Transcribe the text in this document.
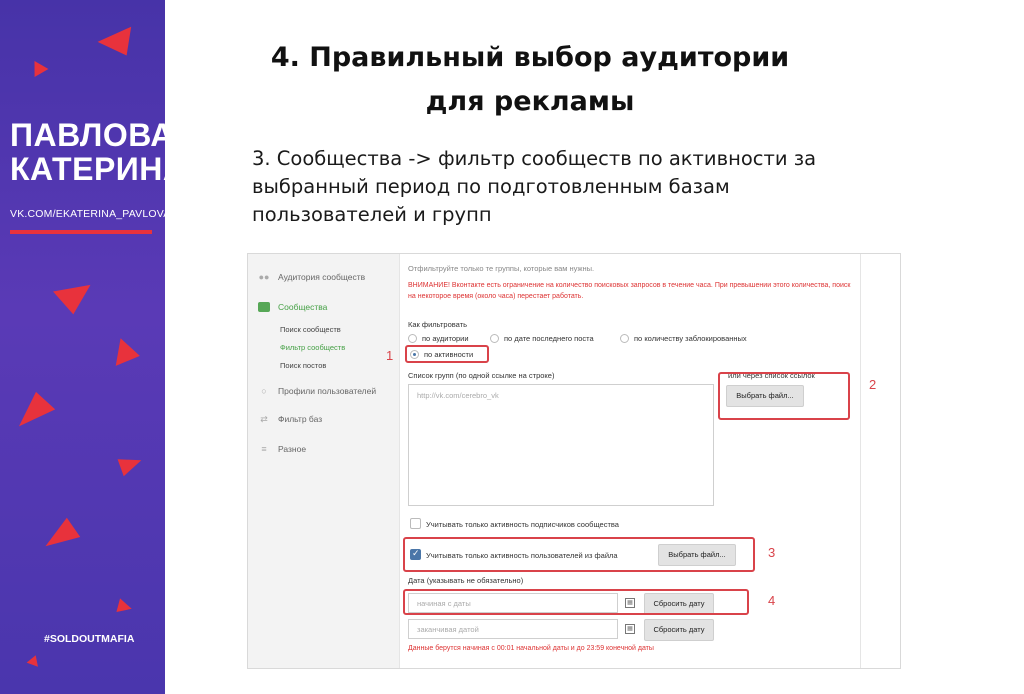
ПАВЛОВА
КАТЕРИНА
VK.COM/EKATERINA_PAVLOVA
#SOLDOUTMAFIA
4. Правильный выбор аудитории
для рекламы
3. Сообщества -> фильтр сообществ по активности за
выбранный период по подготовленным базам
пользователей и групп
●● Аудитория сообществ
Сообщества
Поиск сообществ
Фильтр сообществ
Поиск постов
○	Профили пользователей
⇄ Фильтр баз
≡	Разное
Отфильтруйте только те группы, которые вам нужны.
ВНИМАНИЕ! Вконтакте есть ограничение на количество поисковых запросов в течение часа. При превышении этого количества, поиск на некоторое время (около часа) перестает работать.
Как фильтровать
по аудитории	по дате последнего поста	по количеству заблокированных
по активности
Список групп (по одной ссылке на строке)
http://vk.com/cerebro_vk
или через список ссылок
Выбрать файл...
Учитывать только активность подписчиков сообщества
✓
Учитывать только активность пользователей из файла	Выбрать файл...
Дата (указывать не обязательно)
начиная с даты	▦	Сбросить дату
заканчивая датой	▦	Сбросить дату
Данные берутся начиная с 00:01 начальной даты и до 23:59 конечной даты
1
2
3
4
